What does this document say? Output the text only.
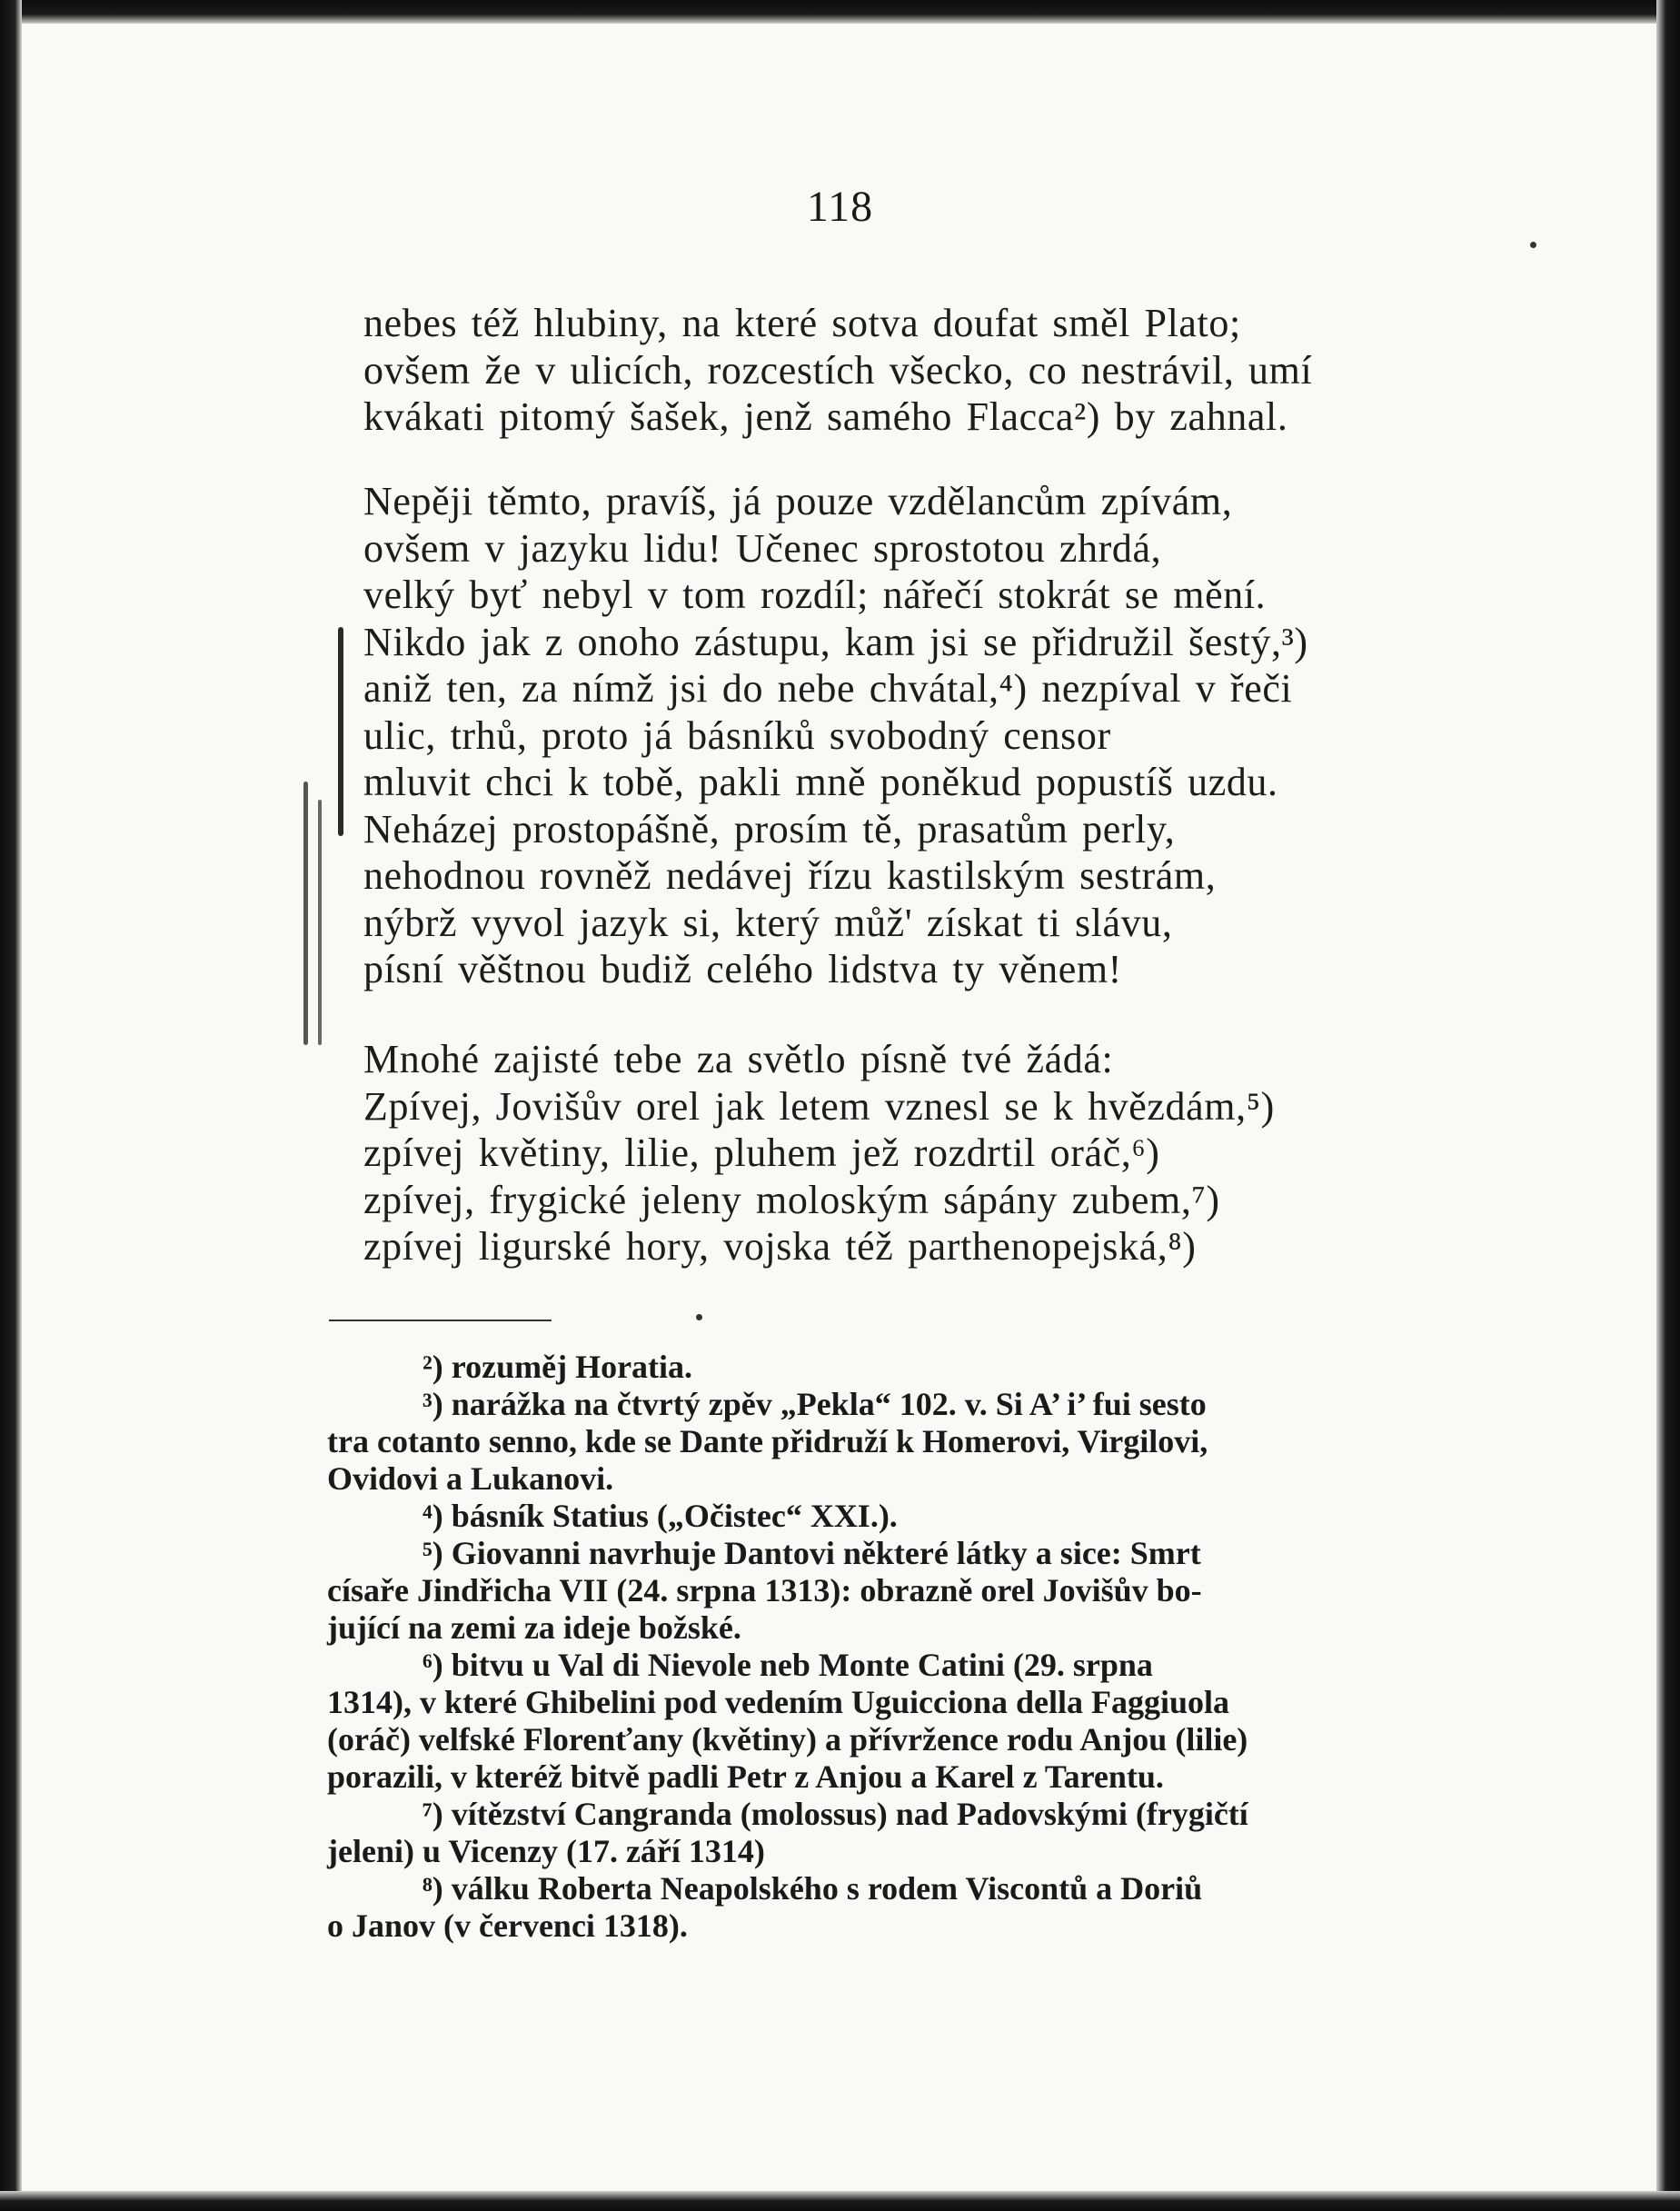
118
nebes též hlubiny, na které sotva doufat směl Plato;
ovšem že v ulicích, rozcestích všecko, co nestrávil, umí
kvákati pitomý šašek, jenž samého Flacca²) by zahnal.
Nepěji těmto, pravíš, já pouze vzdělancům zpívám,
ovšem v jazyku lidu! Učenec sprostotou zhrdá,
velký byť nebyl v tom rozdíl; nářečí stokrát se mění.
Nikdo jak z onoho zástupu, kam jsi se přidružil šestý,³)
aniž ten, za nímž jsi do nebe chvátal,⁴) nezpíval v řeči
ulic, trhů, proto já básníků svobodný censor
mluvit chci k tobě, pakli mně poněkud popustíš uzdu.
Neházej prostopášně, prosím tě, prasatům perly,
nehodnou rovněž nedávej řízu kastilským sestrám,
nýbrž vyvol jazyk si, který můž' získat ti slávu,
písní věštnou budiž celého lidstva ty věnem!
Mnohé zajisté tebe za světlo písně tvé žádá:
Zpívej, Jovišův orel jak letem vznesl se k hvězdám,⁵)
zpívej květiny, lilie, pluhem jež rozdrtil oráč,⁶)
zpívej, frygické jeleny moloským sápány zubem,⁷)
zpívej ligurské hory, vojska též parthenopejská,⁸)
²) rozuměj Horatia.
³) narážka na čtvrtý zpěv „Pekla“ 102. v. Si A’ i’ fui sesto
tra cotanto senno, kde se Dante přidruží k Homerovi, Virgilovi,
Ovidovi a Lukanovi.
⁴) básník Statius („Očistec“ XXI.).
⁵) Giovanni navrhuje Dantovi některé látky a sice: Smrt
císaře Jindřicha VII (24. srpna 1313): obrazně orel Jovišův bo-
jující na zemi za ideje božské.
⁶) bitvu u Val di Nievole neb Monte Catini (29. srpna
1314), v které Ghibelini pod vedením Uguicciona della Faggiuola
(oráč) velfské Florenťany (květiny) a přívržence rodu Anjou (lilie)
porazili, v kteréž bitvě padli Petr z Anjou a Karel z Tarentu.
⁷) vítězství Cangranda (molossus) nad Padovskými (frygičtí
jeleni) u Vicenzy (17. září 1314)
⁸) válku Roberta Neapolského s rodem Viscontů a Doriů
o Janov (v červenci 1318).
